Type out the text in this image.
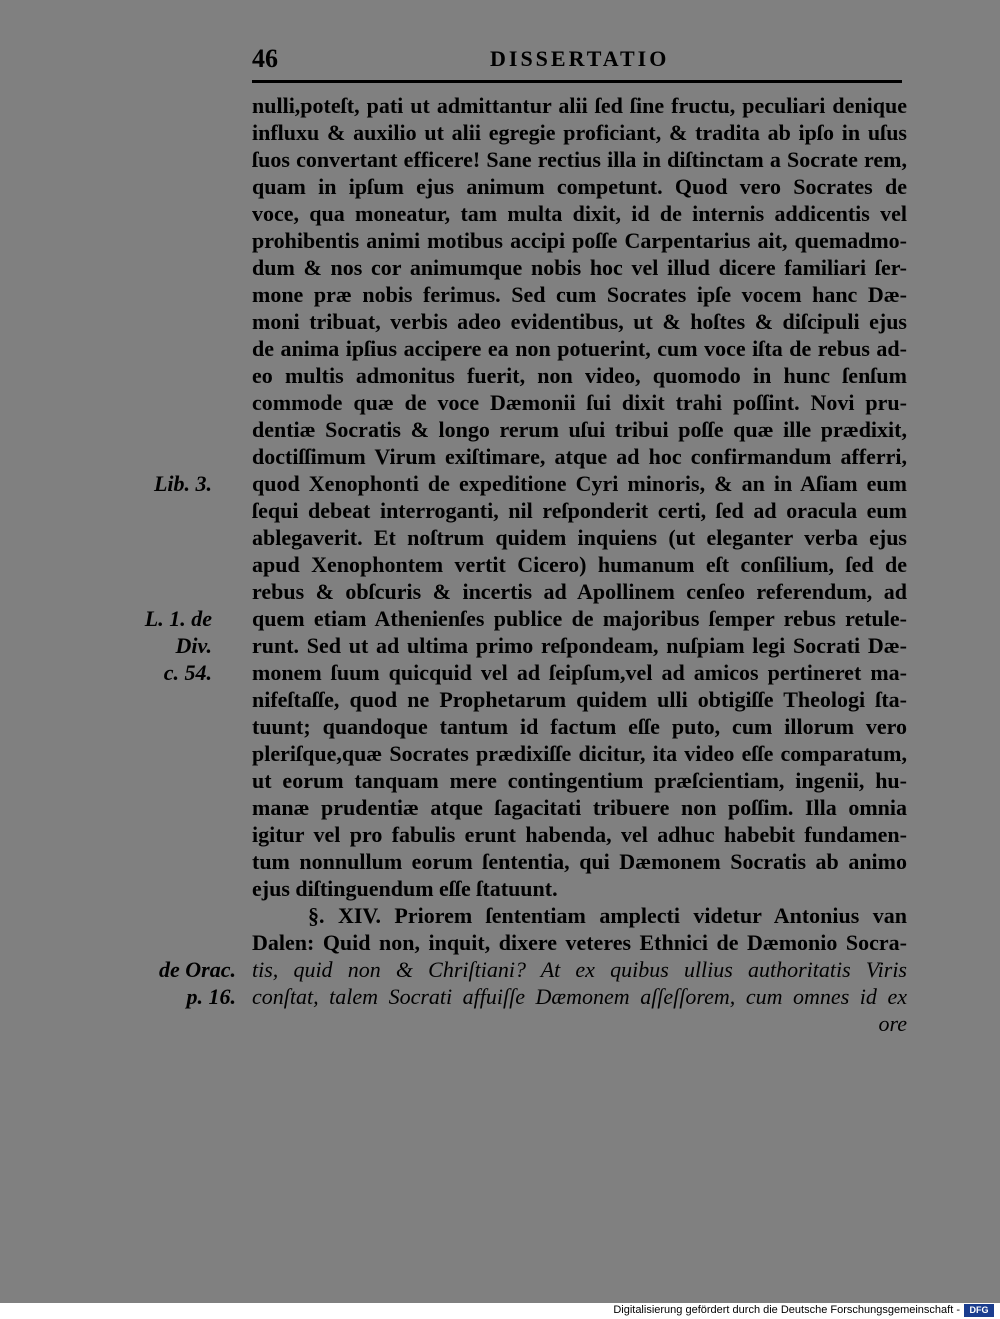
46	DISSERTATIO
nulli,poteſt, pati ut admittantur alii ſed ſine fructu, peculiari denique
influxu & auxilio ut alii egregie proficiant, & tradita ab ipſo in uſus
ſuos convertant efficere! Sane rectius illa in diſtinctam a Socrate rem,
quam in ipſum ejus animum competunt. Quod vero Socrates de
voce, qua moneatur, tam multa dixit, id de internis addicentis vel
prohibentis animi motibus accipi poſſe Carpentarius ait, quemadmo-
dum & nos cor animumque nobis hoc vel illud dicere familiari ſer-
mone præ nobis ferimus. Sed cum Socrates ipſe vocem hanc Dæ-
moni tribuat, verbis adeo evidentibus, ut & hoſtes & diſcipuli ejus
de anima ipſius accipere ea non potuerint, cum voce iſta de rebus ad-
eo multis admonitus fuerit, non video, quomodo in hunc ſenſum
commode quæ de voce Dæmonii ſui dixit trahi poſſint. Novi pru-
dentiæ Socratis & longo rerum uſui tribui poſſe quæ ille prædixit,
doctiſſimum Virum exiſtimare, atque ad hoc confirmandum afferri,
quod Xenophonti de expeditione Cyri minoris, & an in Aſiam eum
ſequi debeat interroganti, nil reſponderit certi, ſed ad oracula eum
ablegaverit. Et noſtrum quidem inquiens (ut eleganter verba ejus
apud Xenophontem vertit Cicero) humanum eſt conſilium, ſed de
rebus & obſcuris & incertis ad Apollinem cenſeo referendum, ad
quem etiam Athenienſes publice de majoribus ſemper rebus retule-
runt. Sed ut ad ultima primo reſpondeam, nuſpiam legi Socrati Dæ-
monem ſuum quicquid vel ad ſeipſum,vel ad amicos pertineret ma-
nifeſtaſſe, quod ne Prophetarum quidem ulli obtigiſſe Theologi ſta-
tuunt; quandoque tantum id factum eſſe puto, cum illorum vero
pleriſque,quæ Socrates prædixiſſe dicitur, ita video eſſe comparatum,
ut eorum tanquam mere contingentium præſcientiam, ingenii, hu-
manæ prudentiæ atque ſagacitati tribuere non poſſim. Illa omnia
igitur vel pro fabulis erunt habenda, vel adhuc habebit fundamen-
tum nonnullum eorum ſententia, qui Dæmonem Socratis ab animo
ejus diſtinguendum eſſe ſtatuunt.
§. XIV. Priorem ſententiam amplecti videtur Antonius van
Dalen: Quid non, inquit, dixere veteres Ethnici de Dæmonio Socra-
tis, quid non & Chriſtiani? At ex quibus ullius authoritatis Viris
conſtat, talem Socrati affuiſſe Dæmonem aſſeſſorem, cum omnes id ex
ore
Lib. 3.
L. 1. de Div.
c. 54.
de Orac.
p. 16.
Digitalisierung gefördert durch die Deutsche Forschungsgemeinschaft -	DFG
